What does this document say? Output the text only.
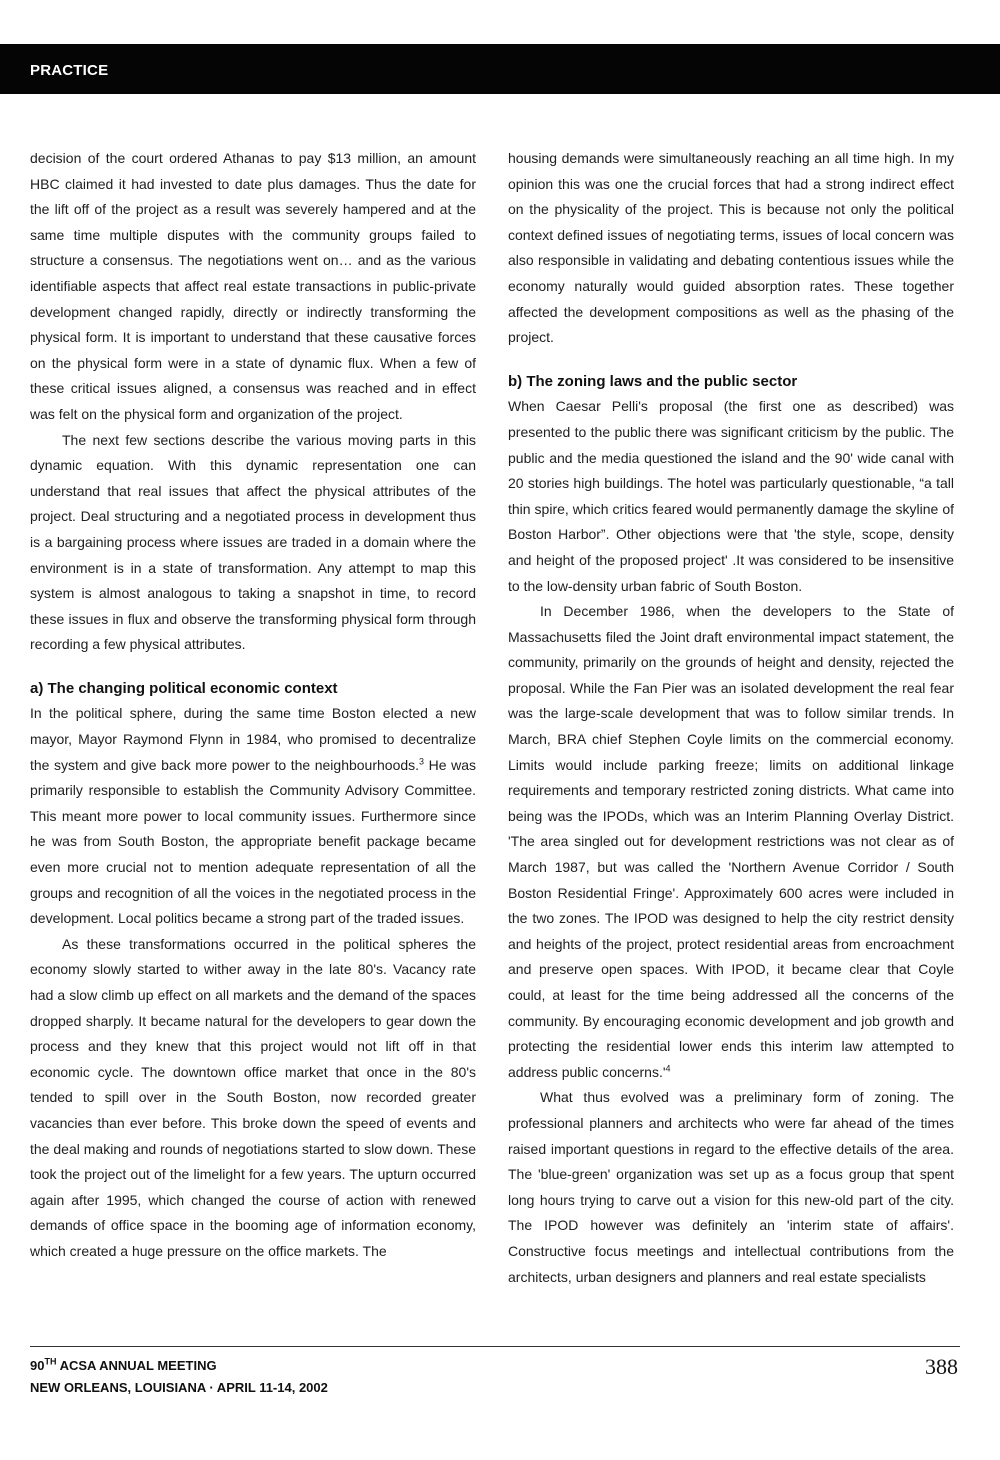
PRACTICE

decision of the court ordered Athanas to pay $13 million, an amount HBC claimed it had invested to date plus damages. Thus the date for the lift off of the project as a result was severely hampered and at the same time multiple disputes with the community groups failed to structure a consensus. The negotiations went on… and as the various identifiable aspects that affect real estate transactions in public-private development changed rapidly, directly or indirectly transforming the physical form. It is important to understand that these causative forces on the physical form were in a state of dynamic flux. When a few of these critical issues aligned, a consensus was reached and in effect was felt on the physical form and organization of the project.

The next few sections describe the various moving parts in this dynamic equation. With this dynamic representation one can understand that real issues that affect the physical attributes of the project. Deal structuring and a negotiated process in development thus is a bargaining process where issues are traded in a domain where the environment is in a state of transformation. Any attempt to map this system is almost analogous to taking a snapshot in time, to record these issues in flux and observe the transforming physical form through recording a few physical attributes.

a) The changing political economic context

In the political sphere, during the same time Boston elected a new mayor, Mayor Raymond Flynn in 1984, who promised to decentralize the system and give back more power to the neighbourhoods.$^3$ He was primarily responsible to establish the Community Advisory Committee. This meant more power to local community issues. Furthermore since he was from South Boston, the appropriate benefit package became even more crucial not to mention adequate representation of all the groups and recognition of all the voices in the negotiated process in the development. Local politics became a strong part of the traded issues.

As these transformations occurred in the political spheres the economy slowly started to wither away in the late 80's. Vacancy rate had a slow climb up effect on all markets and the demand of the spaces dropped sharply. It became natural for the developers to gear down the process and they knew that this project would not lift off in that economic cycle. The downtown office market that once in the 80's tended to spill over in the South Boston, now recorded greater vacancies than ever before. This broke down the speed of events and the deal making and rounds of negotiations started to slow down. These took the project out of the limelight for a few years. The upturn occurred again after 1995, which changed the course of action with renewed demands of office space in the booming age of information economy, which created a huge pressure on the office markets. The

housing demands were simultaneously reaching an all time high. In my opinion this was one the crucial forces that had a strong indirect effect on the physicality of the project. This is because not only the political context defined issues of negotiating terms, issues of local concern was also responsible in validating and debating contentious issues while the economy naturally would guided absorption rates. These together affected the development compositions as well as the phasing of the project.

b) The zoning laws and the public sector

When Caesar Pelli's proposal (the first one as described) was presented to the public there was significant criticism by the public. The public and the media questioned the island and the 90' wide canal with 20 stories high buildings. The hotel was particularly questionable, “a tall thin spire, which critics feared would permanently damage the skyline of Boston Harbor”. Other objections were that 'the style, scope, density and height of the proposed project' .It was considered to be insensitive to the low-density urban fabric of South Boston.

In December 1986, when the developers to the State of Massachusetts filed the Joint draft environmental impact statement, the community, primarily on the grounds of height and density, rejected the proposal. While the Fan Pier was an isolated development the real fear was the large-scale development that was to follow similar trends. In March, BRA chief Stephen Coyle limits on the commercial economy. Limits would include parking freeze; limits on additional linkage requirements and temporary restricted zoning districts. What came into being was the IPODs, which was an Interim Planning Overlay District. 'The area singled out for development restrictions was not clear as of March 1987, but was called the 'Northern Avenue Corridor / South Boston Residential Fringe'. Approximately 600 acres were included in the two zones. The IPOD was designed to help the city restrict density and heights of the project, protect residential areas from encroachment and preserve open spaces. With IPOD, it became clear that Coyle could, at least for the time being addressed all the concerns of the community. By encouraging economic development and job growth and protecting the residential lower ends this interim law attempted to address public $concerns.'^4$

What thus evolved was a preliminary form of zoning. The professional planners and architects who were far ahead of the times raised important questions in regard to the effective details of the area. The 'blue-green' organization was set up as a focus group that spent long hours trying to carve out a vision for this new-old part of the city. The IPOD however was definitely an 'interim state of affairs'. Constructive focus meetings and intellectual contributions from the architects, urban designers and planners and real estate specialists

90TH ACSA ANNUAL MEETING
NEW ORLEANS, LOUISIANA · APRIL 11-14, 2002
388
